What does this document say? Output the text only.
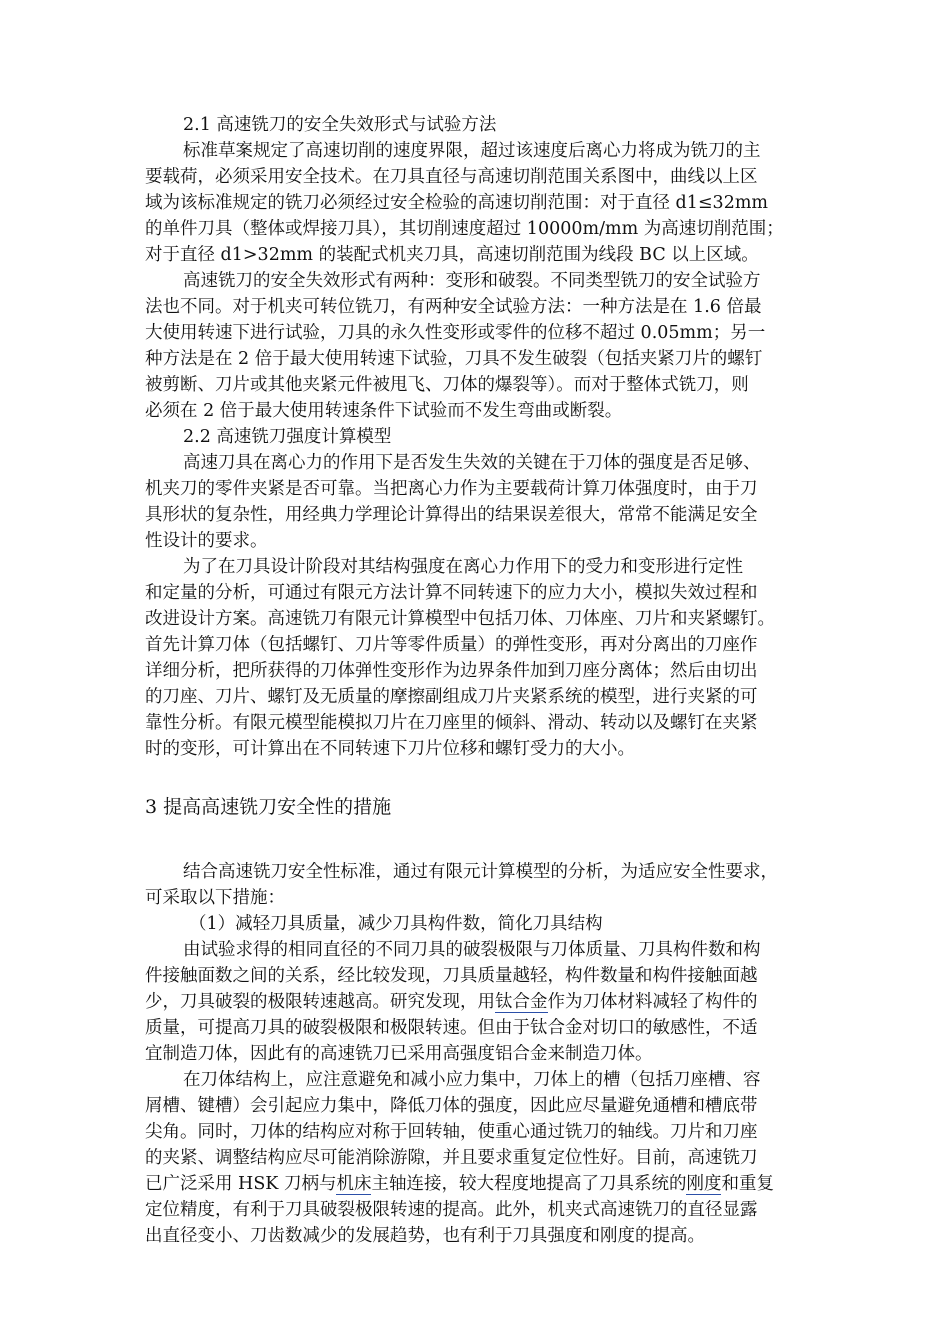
2.1 高速铣刀的安全失效形式与试验方法
标准草案规定了高速切削的速度界限，超过该速度后离心力将成为铣刀的主
要载荷，必须采用安全技术。在刀具直径与高速切削范围关系图中，曲线以上区
域为该标准规定的铣刀必须经过安全检验的高速切削范围：对于直径 d1≤32mm
的单件刀具（整体或焊接刀具），其切削速度超过 10000m/mm 为高速切削范围；
对于直径 d1>32mm 的装配式机夹刀具，高速切削范围为线段 BC 以上区域。
高速铣刀的安全失效形式有两种：变形和破裂。不同类型铣刀的安全试验方
法也不同。对于机夹可转位铣刀，有两种安全试验方法：一种方法是在 1.6 倍最
大使用转速下进行试验，刀具的永久性变形或零件的位移不超过 0.05mm；另一
种方法是在 2 倍于最大使用转速下试验，刀具不发生破裂（包括夹紧刀片的螺钉
被剪断、刀片或其他夹紧元件被甩飞、刀体的爆裂等）。而对于整体式铣刀，则
必须在 2 倍于最大使用转速条件下试验而不发生弯曲或断裂。
2.2 高速铣刀强度计算模型
高速刀具在离心力的作用下是否发生失效的关键在于刀体的强度是否足够、
机夹刀的零件夹紧是否可靠。当把离心力作为主要载荷计算刀体强度时，由于刀
具形状的复杂性，用经典力学理论计算得出的结果误差很大，常常不能满足安全
性设计的要求。
为了在刀具设计阶段对其结构强度在离心力作用下的受力和变形进行定性
和定量的分析，可通过有限元方法计算不同转速下的应力大小，模拟失效过程和
改进设计方案。高速铣刀有限元计算模型中包括刀体、刀体座、刀片和夹紧螺钉。
首先计算刀体（包括螺钉、刀片等零件质量）的弹性变形，再对分离出的刀座作
详细分析，把所获得的刀体弹性变形作为边界条件加到刀座分离体；然后由切出
的刀座、刀片、螺钉及无质量的摩擦副组成刀片夹紧系统的模型，进行夹紧的可
靠性分析。有限元模型能模拟刀片在刀座里的倾斜、滑动、转动以及螺钉在夹紧
时的变形，可计算出在不同转速下刀片位移和螺钉受力的大小。
3 提高高速铣刀安全性的措施
结合高速铣刀安全性标准，通过有限元计算模型的分析，为适应安全性要求，
可采取以下措施：
（1）减轻刀具质量，减少刀具构件数，简化刀具结构
由试验求得的相同直径的不同刀具的破裂极限与刀体质量、刀具构件数和构
件接触面数之间的关系，经比较发现，刀具质量越轻，构件数量和构件接触面越
少，刀具破裂的极限转速越高。研究发现，用钛合金作为刀体材料减轻了构件的
质量，可提高刀具的破裂极限和极限转速。但由于钛合金对切口的敏感性，不适
宜制造刀体，因此有的高速铣刀已采用高强度铝合金来制造刀体。
在刀体结构上，应注意避免和减小应力集中，刀体上的槽（包括刀座槽、容
屑槽、键槽）会引起应力集中，降低刀体的强度，因此应尽量避免通槽和槽底带
尖角。同时，刀体的结构应对称于回转轴，使重心通过铣刀的轴线。刀片和刀座
的夹紧、调整结构应尽可能消除游隙，并且要求重复定位性好。目前，高速铣刀
已广泛采用 HSK 刀柄与机床主轴连接，较大程度地提高了刀具系统的刚度和重复
定位精度，有利于刀具破裂极限转速的提高。此外，机夹式高速铣刀的直径显露
出直径变小、刀齿数减少的发展趋势，也有利于刀具强度和刚度的提高。
